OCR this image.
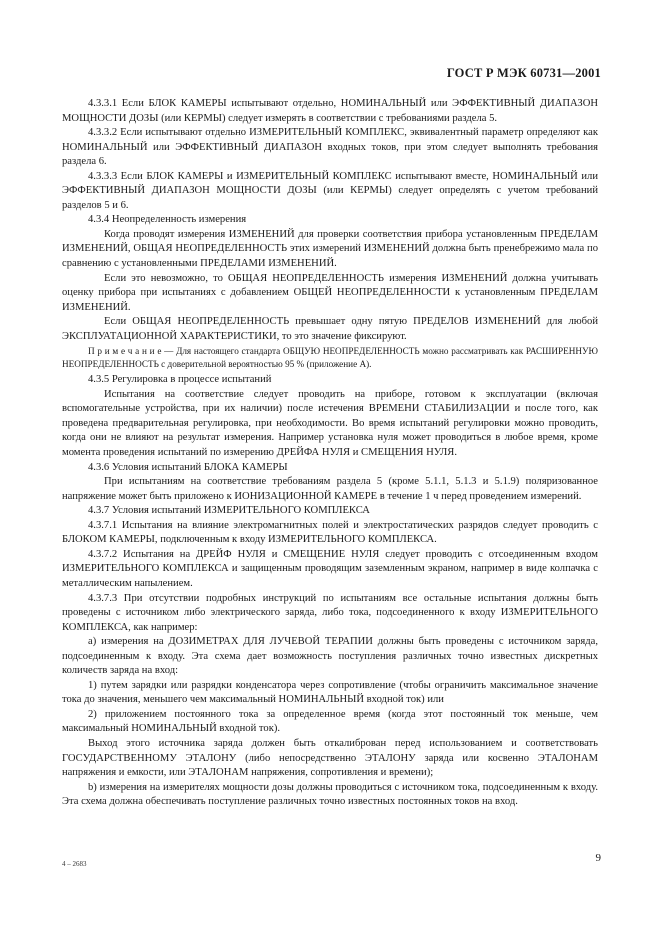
ГОСТ Р МЭК 60731—2001

4.3.3.1 Если БЛОК КАМЕРЫ испытывают отдельно, НОМИНАЛЬНЫЙ или ЭФФЕКТИВНЫЙ ДИАПАЗОН МОЩНОСТИ ДОЗЫ (или КЕРМЫ) следует измерять в соответствии с требованиями раздела 5.

4.3.3.2 Если испытывают отдельно ИЗМЕРИТЕЛЬНЫЙ КОМПЛЕКС, эквивалентный параметр определяют как НОМИНАЛЬНЫЙ или ЭФФЕКТИВНЫЙ ДИАПАЗОН входных токов, при этом следует выполнять требования раздела 6.

4.3.3.3 Если БЛОК КАМЕРЫ и ИЗМЕРИТЕЛЬНЫЙ КОМПЛЕКС испытывают вместе, НОМИНАЛЬНЫЙ или ЭФФЕКТИВНЫЙ ДИАПАЗОН МОЩНОСТИ ДОЗЫ (или КЕРМЫ) следует определять с учетом требований разделов 5 и 6.

4.3.4 Неопределенность измерения

Когда проводят измерения ИЗМЕНЕНИЙ для проверки соответствия прибора установленным ПРЕДЕЛАМ ИЗМЕНЕНИЙ, ОБЩАЯ НЕОПРЕДЕЛЕННОСТЬ этих измерений ИЗМЕНЕНИЙ должна быть пренебрежимо мала по сравнению с установленными ПРЕДЕЛАМИ ИЗМЕНЕНИЙ.

Если это невозможно, то ОБЩАЯ НЕОПРЕДЕЛЕННОСТЬ измерения ИЗМЕНЕНИЙ должна учитывать оценку прибора при испытаниях с добавлением ОБЩЕЙ НЕОПРЕДЕЛЕННОСТИ к установленным ПРЕДЕЛАМ ИЗМЕНЕНИЙ.

Если ОБЩАЯ НЕОПРЕДЕЛЕННОСТЬ превышает одну пятую ПРЕДЕЛОВ ИЗМЕНЕНИЙ для любой ЭКСПЛУАТАЦИОННОЙ ХАРАКТЕРИСТИКИ, то это значение фиксируют.

П р и м е ч а н и е — Для настоящего стандарта ОБЩУЮ НЕОПРЕДЕЛЕННОСТЬ можно рассматривать как РАСШИРЕННУЮ НЕОПРЕДЕЛЕННОСТЬ с доверительной вероятностью 95 % (приложение А).

4.3.5 Регулировка в процессе испытаний

Испытания на соответствие следует проводить на приборе, готовом к эксплуатации (включая вспомогательные устройства, при их наличии) после истечения ВРЕМЕНИ СТАБИЛИЗАЦИИ и после того, как проведена предварительная регулировка, при необходимости. Во время испытаний регулировки можно проводить, когда они не влияют на результат измерения. Например установка нуля может проводиться в любое время, кроме момента проведения испытаний по измерению ДРЕЙФА НУЛЯ и СМЕЩЕНИЯ НУЛЯ.

4.3.6 Условия испытаний БЛОКА КАМЕРЫ

При испытаниям на соответствие требованиям раздела 5 (кроме 5.1.1, 5.1.3 и 5.1.9) поляризованное напряжение может быть приложено к ИОНИЗАЦИОННОЙ КАМЕРЕ в течение 1 ч перед проведением измерений.

4.3.7 Условия испытаний ИЗМЕРИТЕЛЬНОГО КОМПЛЕКСА

4.3.7.1 Испытания на влияние электромагнитных полей и электростатических разрядов следует проводить с БЛОКОМ КАМЕРЫ, подключенным к входу ИЗМЕРИТЕЛЬНОГО КОМПЛЕКСА.

4.3.7.2 Испытания на ДРЕЙФ НУЛЯ и СМЕЩЕНИЕ НУЛЯ следует проводить с отсоединенным входом ИЗМЕРИТЕЛЬНОГО КОМПЛЕКСА и защищенным проводящим заземленным экраном, например в виде колпачка с металлическим напылением.

4.3.7.3 При отсутствии подробных инструкций по испытаниям все остальные испытания должны быть проведены с источником либо электрического заряда, либо тока, подсоединенного к входу ИЗМЕРИТЕЛЬНОГО КОМПЛЕКСА, как например:

а) измерения на ДОЗИМЕТРАХ ДЛЯ ЛУЧЕВОЙ ТЕРАПИИ должны быть проведены с источником заряда, подсоединенным к входу. Эта схема дает возможность поступления различных точно известных дискретных количеств заряда на вход:

1) путем зарядки или разрядки конденсатора через сопротивление (чтобы ограничить максимальное значение тока до значения, меньшего чем максимальный НОМИНАЛЬНЫЙ входной ток) или

2) приложением постоянного тока за определенное время (когда этот постоянный ток меньше, чем максимальный НОМИНАЛЬНЫЙ входной ток).

Выход этого источника заряда должен быть откалиброван перед использованием и соответствовать ГОСУДАРСТВЕННОМУ ЭТАЛОНУ (либо непосредственно ЭТАЛОНУ заряда или косвенно ЭТАЛОНАМ напряжения и емкости, или ЭТАЛОНАМ напряжения, сопротивления и времени);

b) измерения на измерителях мощности дозы должны проводиться с источником тока, подсоединенным к входу. Эта схема должна обеспечивать поступление различных точно известных постоянных токов на вход.

4 – 2683	9
